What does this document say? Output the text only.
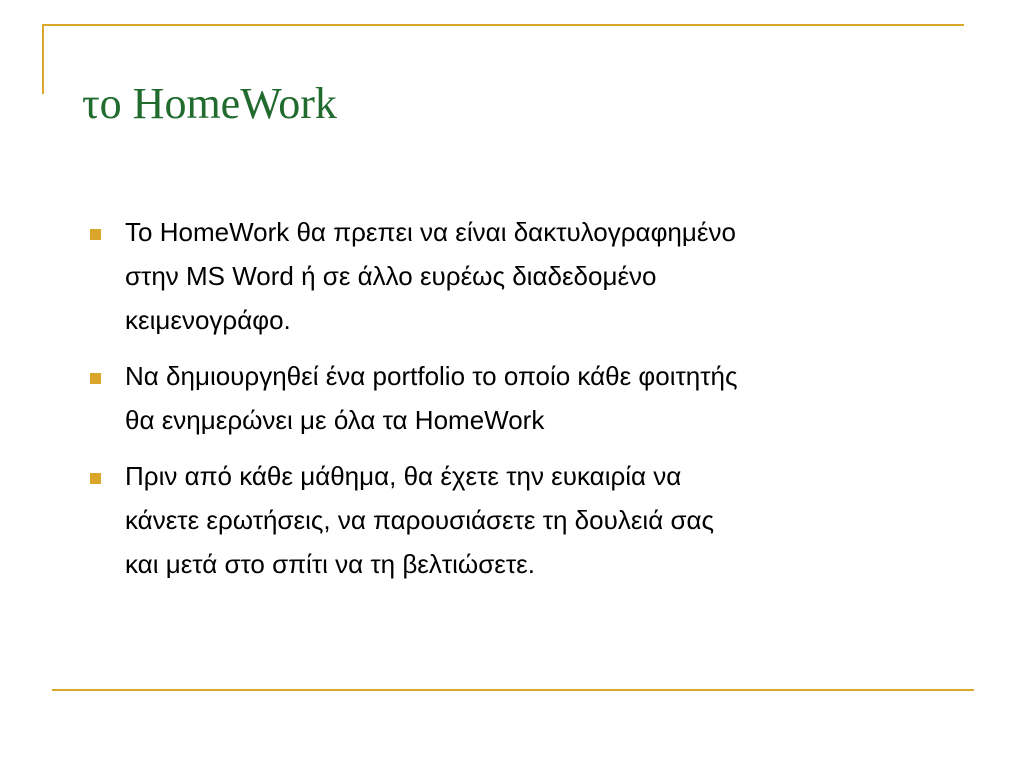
το HomeWork
Το HomeWork θα πρεπει να είναι δακτυλογραφημένο
στην MS Word ή σε άλλο ευρέως διαδεδομένο
κειμενογράφο.
Να δημιουργηθεί ένα portfolio το οποίο κάθε φοιτητής
θα ενημερώνει με όλα τα HomeWork
Πριν από κάθε μάθημα, θα έχετε την ευκαιρία να
κάνετε ερωτήσεις, να παρουσιάσετε τη δουλειά σας
και μετά στο σπίτι να τη βελτιώσετε.
